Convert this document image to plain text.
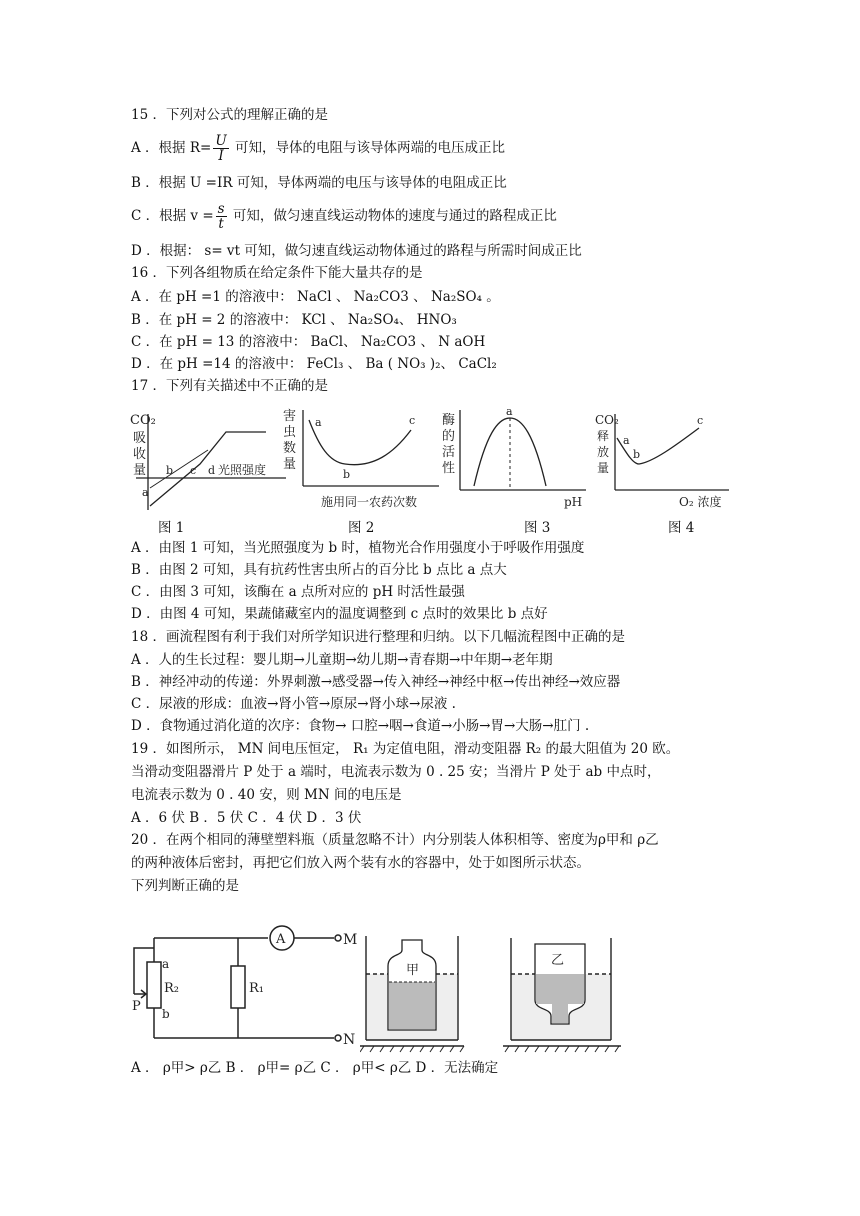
15 ．下列对公式的理解正确的是
A ．根据 $R= \frac{U}{I}$ 可知，导体的电阻与该导体两端的电压成正比
B ．根据 U =IR 可知，导体两端的电压与该导体的电阻成正比
C ．根据 $v = \frac{s}{t}$ 可知，做匀速直线运动物体的速度与通过的路程成正比
D ．根据： s= vt 可知，做匀速直线运动物体通过的路程与所需时间成正比
16 ．下列各组物质在给定条件下能大量共存的是
A ．在 pH =1 的溶液中： NaCl 、 Na₂CO3 、 Na₂SO₄ 。
B ．在 pH = 2 的溶液中： KCl 、 Na₂SO₄、 HNO₃
C ．在 pH = 13 的溶液中： BaCl、 Na₂CO3 、 N aOH
D ．在 pH =14 的溶液中： FeCl₃ 、 Ba ( NO₃ )₂、 CaCl₂
17 ．下列有关描述中不正确的是
CO₂
吸
收
量
a
b c d 光照强度
害
虫
数
量
a
b
c
施用同一农药次数
酶
的
活
性
a
pH
CO₂
释
放
量
a
b
c
O₂ 浓度
图 1	图 2	图 3	图 4
A ．由图 1 可知，当光照强度为 b 时，植物光合作用强度小于呼吸作用强度
B ．由图 2 可知，具有抗药性害虫所占的百分比 b 点比 a 点大
C ．由图 3 可知，该酶在 a 点所对应的 pH 时活性最强
D ．由图 4 可知，果蔬储藏室内的温度调整到 c 点时的效果比 b 点好
18 ．画流程图有利于我们对所学知识进行整理和归纳。以下几幅流程图中正确的是
A ．人的生长过程：婴儿期→儿童期→幼儿期→青春期→中年期→老年期
B ．神经冲动的传递：外界刺激→感受器→传入神经→神经中枢→传出神经→效应器
C ．尿液的形成：血液→肾小管→原尿→肾小球→尿液 .
D ．食物通过消化道的次序：食物→ 口腔→咽→食道→小肠→胃→大肠→肛门 .
19 ．如图所示， MN 间电压恒定， R₁ 为定值电阻，滑动变阻器 R₂ 的最大阻值为 20 欧。
当滑动变阻器滑片 P 处于 a 端时，电流表示数为 0 . 25 安；当滑片 P 处于 ab 中点时，
电流表示数为 0 . 40 安，则 MN 间的电压是
A ．6 伏 B ．5 伏 C ．4 伏 D ．3 伏
20 ．在两个相同的薄壁塑料瓶（质量忽略不计）内分别装人体积相等、密度为ρ甲和 ρ乙
的两种液体后密封，再把它们放入两个装有水的容器中，处于如图所示状态。
下列判断正确的是
A	M
N
R₂	R₁
a
b
P
甲
乙
A ． ρ甲> ρ乙 B ． ρ甲= ρ乙 C ． ρ甲< ρ乙 D ．无法确定
